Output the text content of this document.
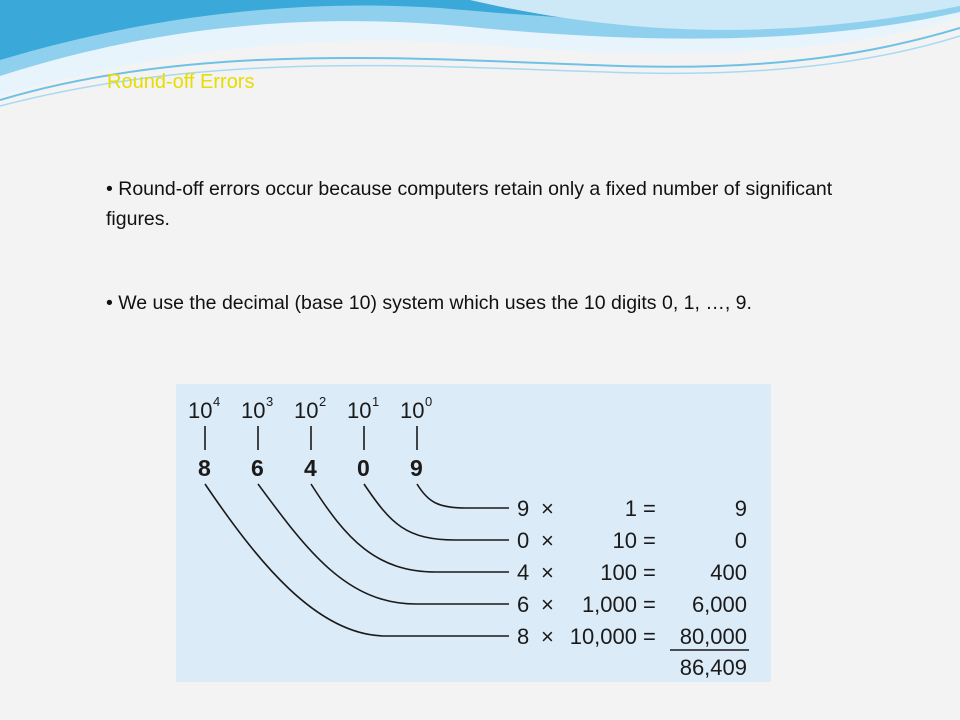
Round-off Errors
• Round-off errors occur because computers retain only a fixed number of significant figures.
• We use the decimal (base 10) system which uses the 10 digits 0, 1, …, 9.
10 4 10 3 10 2 10 1 10 0
8 6 4 0 9
9 ×	1 =	9
0 ×	10 =	0
4 × 100 = 400
6 × 1,000 = 6,000
8 × 10,000 = 80,000
86,409
